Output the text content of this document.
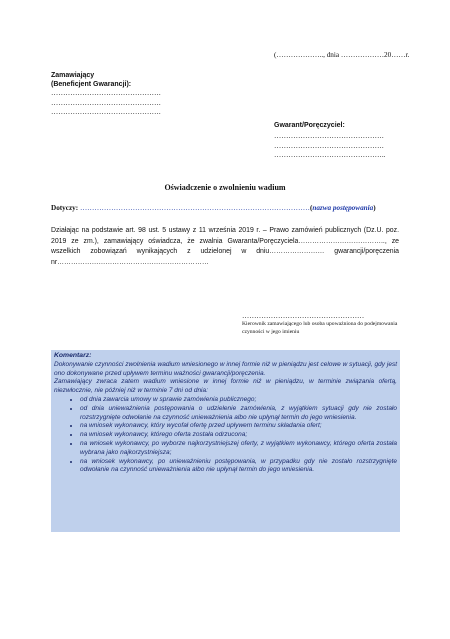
(……………….., dnia ………………20……r.
Zamawiający
(Beneficjent Gwarancji):
……………………………………….
……………………………………….
……………………………………….
Gwarant/Poręczyciel:
……………………………………….
……………………………………….
………………………………………..
Oświadczenie o zwolnieniu wadium
Dotyczy: ……………………………………………………………………………………(nazwa postępowania)
Działając na podstawie art. 98 ust. 5 ustawy z 11 września 2019 r. – Prawo zamówień publicznych (Dz.U. poz. 2019 ze zm.), zamawiający oświadcza, że zwalnia Gwaranta/Poręczyciela……………………………….., ze wszelkich zobowiązań wynikających z udzielonej w dniu…………………… gwarancji/poręczenia nr…………………………………………………………
……………………………………………
Kierownik zamawiającego lub osoba upoważniona do podejmowania czynności w jego imieniu

Komentarz:

Dokonywanie czynności zwolnienia wadium wniesionego w innej formie niż w pieniądzu jest celowe w sytuacji, gdy jest ono dokonywane przed upływem terminu ważności gwarancji/poręczenia.

Zamawiający zwraca zatem wadium wniesione w innej formie niż w pieniądzu, w terminie związania ofertą, niezwłocznie, nie później niż w terminie 7 dni od dnia:

• od dnia zawarcia umowy w sprawie zamówienia publicznego;
• od dnia unieważnienia postępowania o udzielenie zamówienia, z wyjątkiem sytuacji gdy nie zostało rozstrzygnięte odwołanie na czynność unieważnienia albo nie upłynął termin do jego wniesienia.
• na wniosek wykonawcy, który wycofał ofertę przed upływem terminu składania ofert;
• na wniosek wykonawcy, którego oferta została odrzucona;
• na wniosek wykonawcy, po wyborze najkorzystniejszej oferty, z wyjątkiem wykonawcy, którego oferta została wybrana jako najkorzystniejsza;
• na wniosek wykonawcy, po unieważnieniu postępowania, w przypadku gdy nie zostało rozstrzygnięte odwołanie na czynność unieważnienia albo nie upłynął termin do jego wniesienia.
